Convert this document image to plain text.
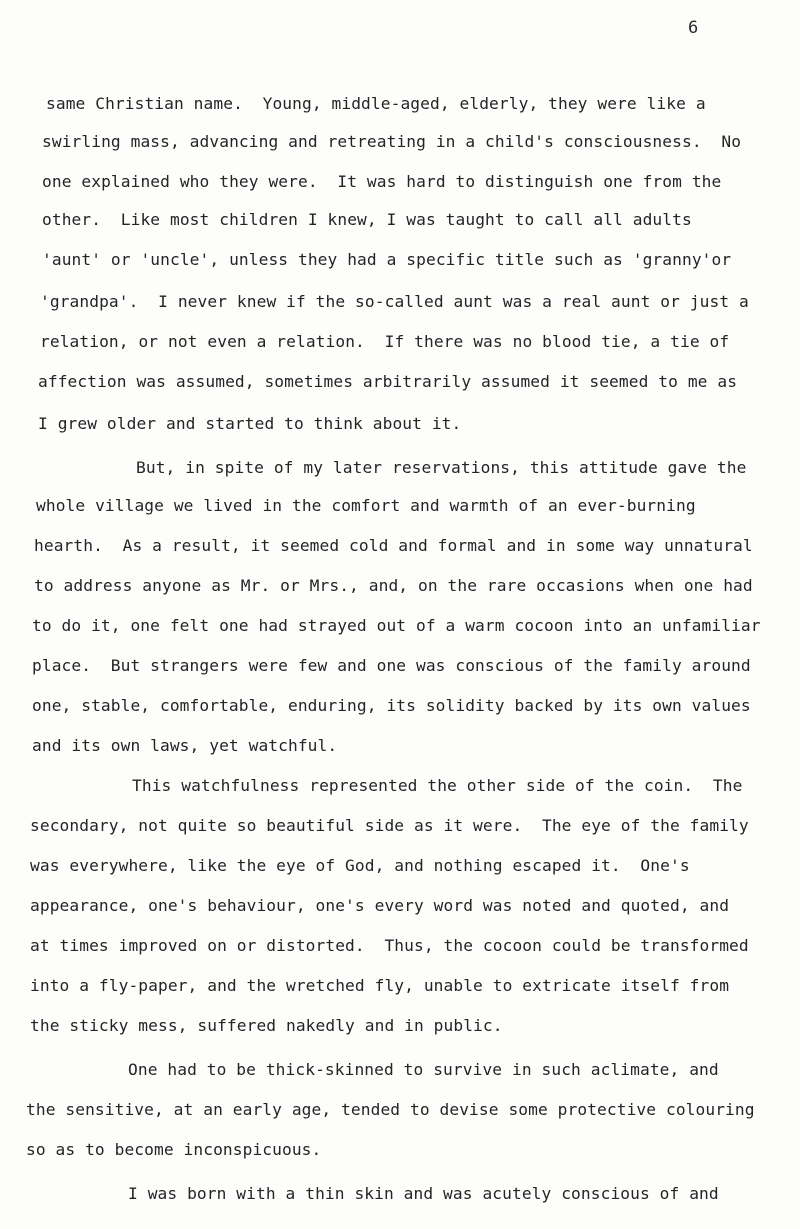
6
same Christian name.  Young, middle-aged, elderly, they were like a
swirling mass, advancing and retreating in a child's consciousness.  No
one explained who they were.  It was hard to distinguish one from the
other.  Like most children I knew, I was taught to call all adults
'aunt' or 'uncle', unless they had a specific title such as 'granny'or
'grandpa'.  I never knew if the so-called aunt was a real aunt or just a
relation, or not even a relation.  If there was no blood tie, a tie of
affection was assumed, sometimes arbitrarily assumed it seemed to me as
I grew older and started to think about it.
But, in spite of my later reservations, this attitude gave the
whole village we lived in the comfort and warmth of an ever-burning
hearth.  As a result, it seemed cold and formal and in some way unnatural
to address anyone as Mr. or Mrs., and, on the rare occasions when one had
to do it, one felt one had strayed out of a warm cocoon into an unfamiliar
place.  But strangers were few and one was conscious of the family around
one, stable, comfortable, enduring, its solidity backed by its own values
and its own laws, yet watchful.
This watchfulness represented the other side of the coin.  The
secondary, not quite so beautiful side as it were.  The eye of the family
was everywhere, like the eye of God, and nothing escaped it.  One's
appearance, one's behaviour, one's every word was noted and quoted, and
at times improved on or distorted.  Thus, the cocoon could be transformed
into a fly-paper, and the wretched fly, unable to extricate itself from
the sticky mess, suffered nakedly and in public.
One had to be thick-skinned to survive in such aclimate, and
the sensitive, at an early age, tended to devise some protective colouring
so as to become inconspicuous.
I was born with a thin skin and was acutely conscious of and
